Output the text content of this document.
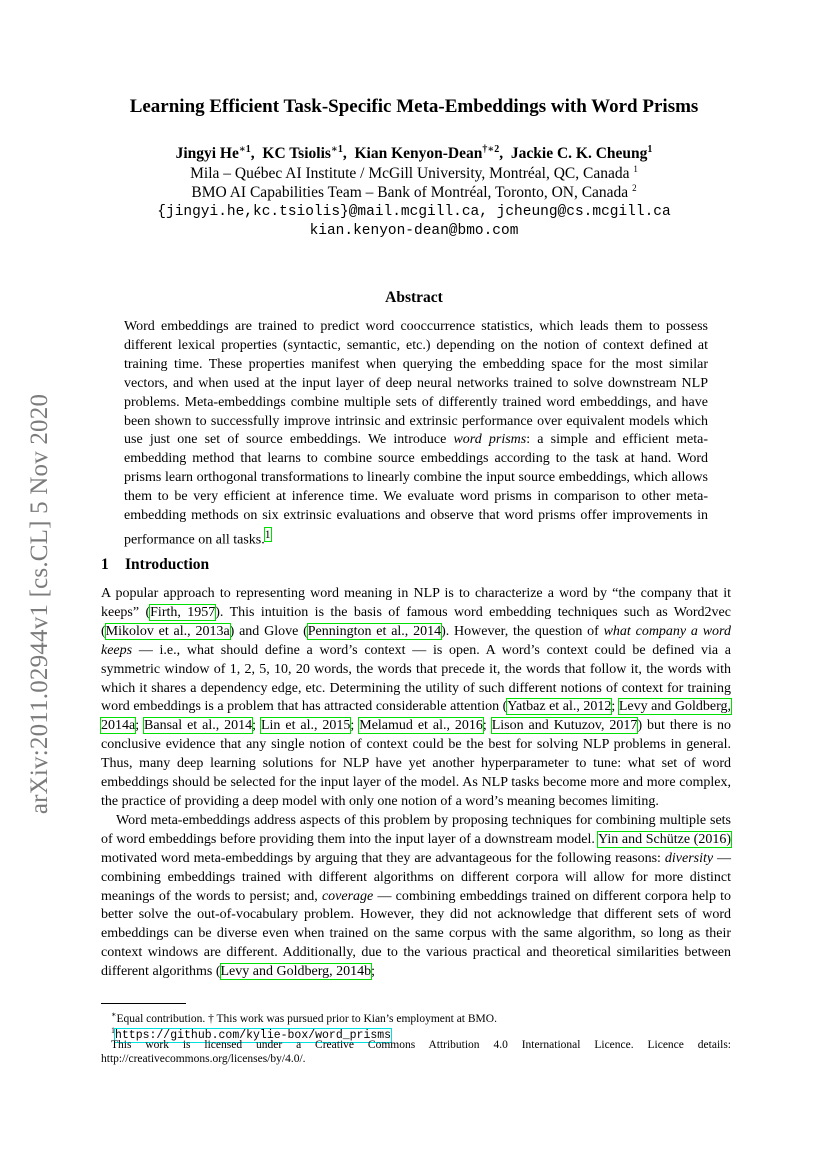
arXiv:2011.02944v1 [cs.CL] 5 Nov 2020
Learning Efficient Task-Specific Meta-Embeddings with Word Prisms
Jingyi $He^{∗1}$,  KC Tsiolis$^{∗1}$,  Kian Kenyon-Dean$^{\dagger∗2}$,  Jackie C. K. Cheung$^1$
Mila – Québec AI Institute / McGill University, Montréal, QC, Canada $^1$
BMO AI Capabilities Team – Bank of Montréal, Toronto, ON, Canada $^2$
{jingyi.he,kc.tsiolis}@mail.mcgill.ca, jcheung@cs.mcgill.ca
kian.kenyon-dean@bmo.com
Abstract
Word embeddings are trained to predict word cooccurrence statistics, which leads them to possess different lexical properties (syntactic, semantic, etc.) depending on the notion of context defined at training time. These properties manifest when querying the embedding space for the most similar vectors, and when used at the input layer of deep neural networks trained to solve downstream NLP problems. Meta-embeddings combine multiple sets of differently trained word embeddings, and have been shown to successfully improve intrinsic and extrinsic performance over equivalent models which use just one set of source embeddings. We introduce word prisms: a simple and efficient meta-embedding method that learns to combine source embeddings according to the task at hand. Word prisms learn orthogonal transformations to linearly combine the input source embeddings, which allows them to be very efficient at inference time. We evaluate word prisms in comparison to other meta-embedding methods on six extrinsic evaluations and observe that word prisms offer improvements in performance on all tasks.$^1$
1 Introduction

A popular approach to representing word meaning in NLP is to characterize a word by “the company that it keeps” (Firth, 1957). This intuition is the basis of famous word embedding techniques such as Word2vec (Mikolov et al., 2013a) and Glove (Pennington et al., 2014). However, the question of what company a word keeps — i.e., what should define a word’s context — is open. A word’s context could be defined via a symmetric window of 1, 2, 5, 10, 20 words, the words that precede it, the words that follow it, the words with which it shares a dependency edge, etc. Determining the utility of such different notions of context for training word embeddings is a problem that has attracted considerable attention (Yatbaz et al., 2012; Levy and Goldberg, 2014a; Bansal et al., 2014; Lin et al., 2015; Melamud et al., 2016; Lison and Kutuzov, 2017) but there is no conclusive evidence that any single notion of context could be the best for solving NLP problems in general. Thus, many deep learning solutions for NLP have yet another hyperparameter to tune: what set of word embeddings should be selected for the input layer of the model. As NLP tasks become more and more complex, the practice of providing a deep model with only one notion of a word’s meaning becomes limiting.

Word meta-embeddings address aspects of this problem by proposing techniques for combining multiple sets of word embeddings before providing them into the input layer of a downstream model. Yin and Schütze (2016) motivated word meta-embeddings by arguing that they are advantageous for the following reasons: diversity — combining embeddings trained with different algorithms on different corpora will allow for more distinct meanings of the words to persist; and, coverage — combining embeddings trained on different corpora help to better solve the out-of-vocabulary problem. However, they did not acknowledge that different sets of word embeddings can be diverse even when trained on the same corpus with the same algorithm, so long as their context windows are different. Additionally, due to the various practical and theoretical similarities between different algorithms (Levy and Goldberg, 2014b;

∗Equal contribution. † This work was pursued prior to Kian’s employment at BMO.
$^1$https://github.com/kylie-box/word_prisms
This work is licensed under a Creative Commons Attribution 4.0 International Licence. Licence details: http://creativecommons.org/licenses/by/4.0/.
